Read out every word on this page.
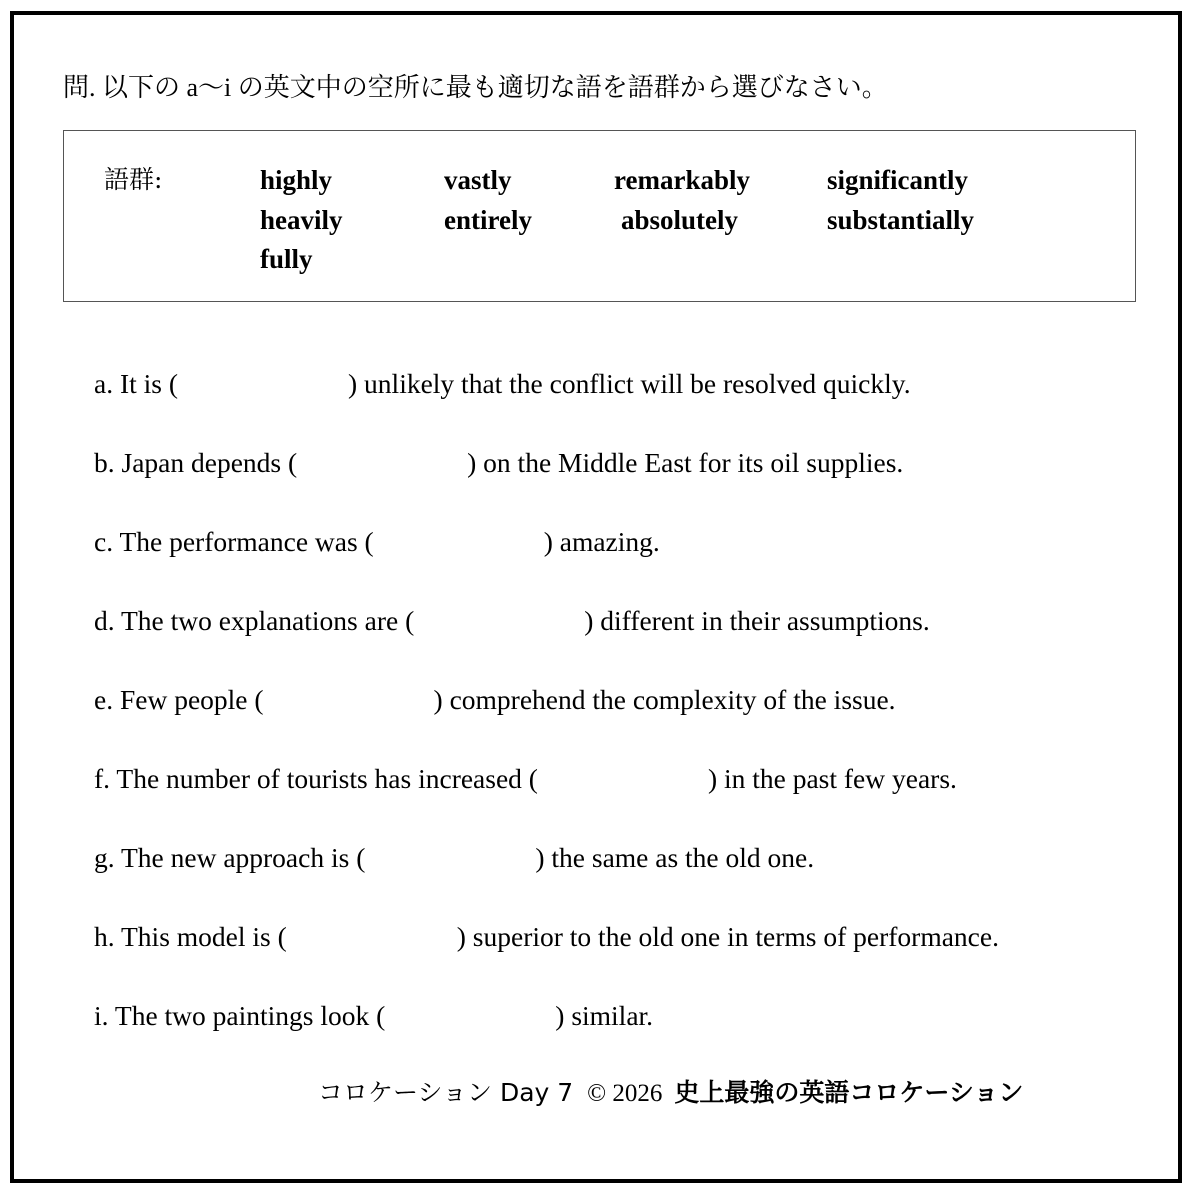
問. 以下の a〜i の英文中の空所に最も適切な語を語群から選びなさい。
語群:	highly	vastly	remarkably	significantly
heavily	entirely	absolutely	substantially
fully
a. It is (	) unlikely that the conflict will be resolved quickly.
b. Japan depends (	) on the Middle East for its oil supplies.
c. The performance was (	) amazing.
d. The two explanations are (	) different in their assumptions.
e. Few people (	) comprehend the complexity of the issue.
f. The number of tourists has increased (	) in the past few years.
g. The new approach is (	) the same as the old one.
h. This model is (	) superior to the old one in terms of performance.
i. The two paintings look (	) similar.
コロケーション Day 7 © 2026 史上最強の英語コロケーション
